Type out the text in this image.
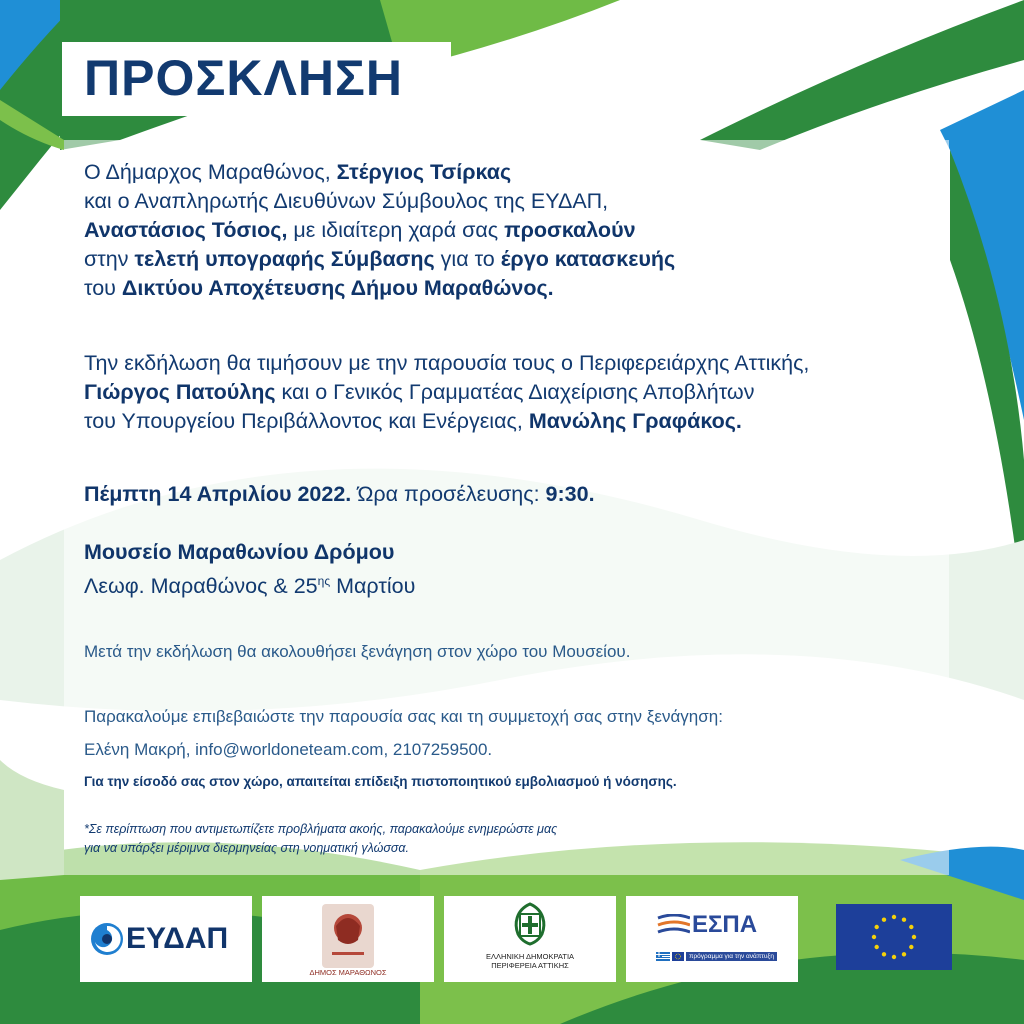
ΠΡΟΣΚΛΗΣΗ

Ο Δήμαρχος Μαραθώνος, Στέργιος Τσίρκας
και ο Αναπληρωτής Διευθύνων Σύμβουλος της ΕΥΔΑΠ,
Αναστάσιος Τόσιος, με ιδιαίτερη χαρά σας προσκαλούν
στην τελετή υπογραφής Σύμβασης για το έργο κατασκευής
του Δικτύου Αποχέτευσης Δήμου Μαραθώνος.

Την εκδήλωση θα τιμήσουν με την παρουσία τους ο Περιφερειάρχης Αττικής,
Γιώργος Πατούλης και ο Γενικός Γραμματέας Διαχείρισης Αποβλήτων
του Υπουργείου Περιβάλλοντος και Ενέργειας, Μανώλης Γραφάκος.

Πέμπτη 14 Απριλίου 2022. Ώρα προσέλευσης: 9:30.

Μουσείο Μαραθωνίου Δρόμου
Λεωφ. Μαραθώνος & $25^{\eta\varsigma}$ Μαρτίου

Μετά την εκδήλωση θα ακολουθήσει ξενάγηση στον χώρο του Μουσείου.

Παρακαλούμε επιβεβαιώστε την παρουσία σας και τη συμμετοχή σας στην ξενάγηση:
Ελένη Μακρή, info@worldoneteam.com, 2107259500.

Για την είσοδό σας στον χώρο, απαιτείται επίδειξη πιστοποιητικού εμβολιασμού ή νόσησης.

*Σε περίπτωση που αντιμετωπίζετε προβλήματα ακοής, παρακαλούμε ενημερώστε μας
για να υπάρξει μέριμνα διερμηνείας στη νοηματική γλώσσα.

ΕΥΔΑΠ
ΔΗΜΟΣ ΜΑΡΑΘΩΝΟΣ
ΕΛΛΗΝΙΚΗ ΔΗΜΟΚΡΑΤΙΑ
ΠΕΡΙΦΕΡΕΙΑ ΑΤΤΙΚΗΣ
ΕΣΠΑ
πρόγραμμα για την ανάπτυξη
